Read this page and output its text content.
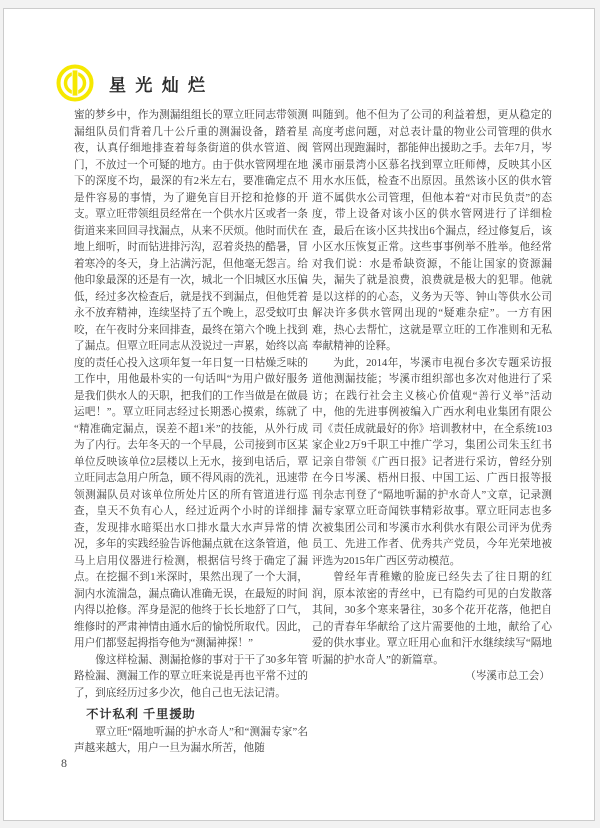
星光灿烂

蜜的梦乡中，作为测漏组组长的覃立旺同志带领测漏组队员们背着几十公斤重的测漏设备，踏着星夜，认真仔细地排查着每条街道的供水管道、阀门，不放过一个可疑的地方。由于供水管网埋在地下的深度不均，最深的有2米左右，要准确定点不是件容易的事情，为了避免盲目开挖和抢修的开支。覃立旺带领组员经常在一个供水片区或者一条街道来来回回寻找漏点，从来不厌烦。他时而伏在地上细听，时而钻进排污沟，忍着炎热的酷暑，冒着寒冷的冬天，身上沾满污泥，但他毫无怨言。给他印象最深的还是有一次，城北一个旧城区水压偏低，经过多次检查后，就是找不到漏点，但他凭着永不放弃精神，连续坚持了五个晚上，忍受蚊叮虫咬，在午夜时分来回排查，最终在第六个晚上找到了漏点。但覃立旺同志从没说过一声累，始终以高度的责任心投入这项年复一年日复一日枯燥乏味的工作中，用他最朴实的一句话叫“为用户做好服务是我们供水人的天职，把我们的工作当做是在做晨运吧！”。覃立旺同志经过长期悉心摸索，练就了“精准确定漏点，误差不超1米”的技能，从外行成为了内行。去年冬天的一个早晨，公司接到市区某单位反映该单位2层楼以上无水，接到电话后，覃立旺同志急用户所急，顾不得风雨的洗礼，迅速带领测漏队员对该单位所处片区的所有管道进行巡查，皇天不负有心人，经过近两个小时的详细排查，发现排水暗渠出水口排水量大水声异常的情况，多年的实践经验告诉他漏点就在这条管道，他马上启用仪器进行检测，根据信号终于确定了漏点。在挖掘不到1米深时，果然出现了一个大洞，洞内水流湍急，漏点确认准确无误，在最短的时间内得以抢修。浑身是泥的他终于长长地舒了口气，维修时的严肃神情由通水后的愉悦所取代。因此，用户们都竖起拇指夸他为“测漏神探！”

像这样检漏、测漏抢修的事对于干了30多年管路检漏、测漏工作的覃立旺来说是再也平常不过的了，到底经历过多少次，他自己也无法记清。

不计私利 千里援助

覃立旺“隔地听漏的护水奇人”和“测漏专家”名声越来越大，用户一旦为漏水所苦，他随

叫随到。他不但为了公司的利益着想，更从稳定的高度考虑问题，对总表计量的物业公司管理的供水管网出现跑漏时，都能伸出援助之手。去年7月，岑溪市丽景湾小区慕名找到覃立旺师傅，反映其小区用水水压低，检查不出原因。虽然该小区的供水管道不属供水公司管理，但他本着“对市民负责”的态度，带上设备对该小区的供水管网进行了详细检查，最后在该小区共找出6个漏点，经过修复后，该小区水压恢复正常。这些事事例举不胜举。他经常对我们说：水是希缺资源，不能让国家的资源漏失，漏失了就是浪费，浪费就是极大的犯罪。他就是以这样的的心态，义务为天等、钟山等供水公司解决许多供水管网出现的“疑难杂症”。一方有困难，热心去帮忙，这就是覃立旺的工作准则和无私奉献精神的诠释。

为此，2014年，岑溪市电视台多次专题采访报道他测漏技能；岑溪市组织部也多次对他进行了采访；在践行社会主义核心价值观“善行义举”活动中，他的先进事例被编入广西水利电业集团有限公司《责任成就最好的你》培训教材中，在全系统103家企业2万9千职工中推广学习，集团公司朱玉红书记亲自带领《广西日报》记者进行采访，曾经分别在今日岑溪、梧州日报、中国工运、广西日报等报刊杂志刊登了“隔地听漏的护水奇人”文章，记录测漏专家覃立旺奇闻铁事精彩故事。覃立旺同志也多次被集团公司和岑溪市水利供水有限公司评为优秀员工、先进工作者、优秀共产党员，今年光荣地被评选为2015年广西区劳动模范。

曾经年青稚嫩的脸庞已经失去了往日期的红润，原本浓密的青丝中，已有隐约可见的白发散落其间，30多个寒来暑往，30多个花开花落，他把自己的青春年华献给了这片需要他的土地，献给了心爱的供水事业。覃立旺用心血和汗水继续续写“隔地听漏的护水奇人”的新篇章。

（岑溪市总工会）

8
